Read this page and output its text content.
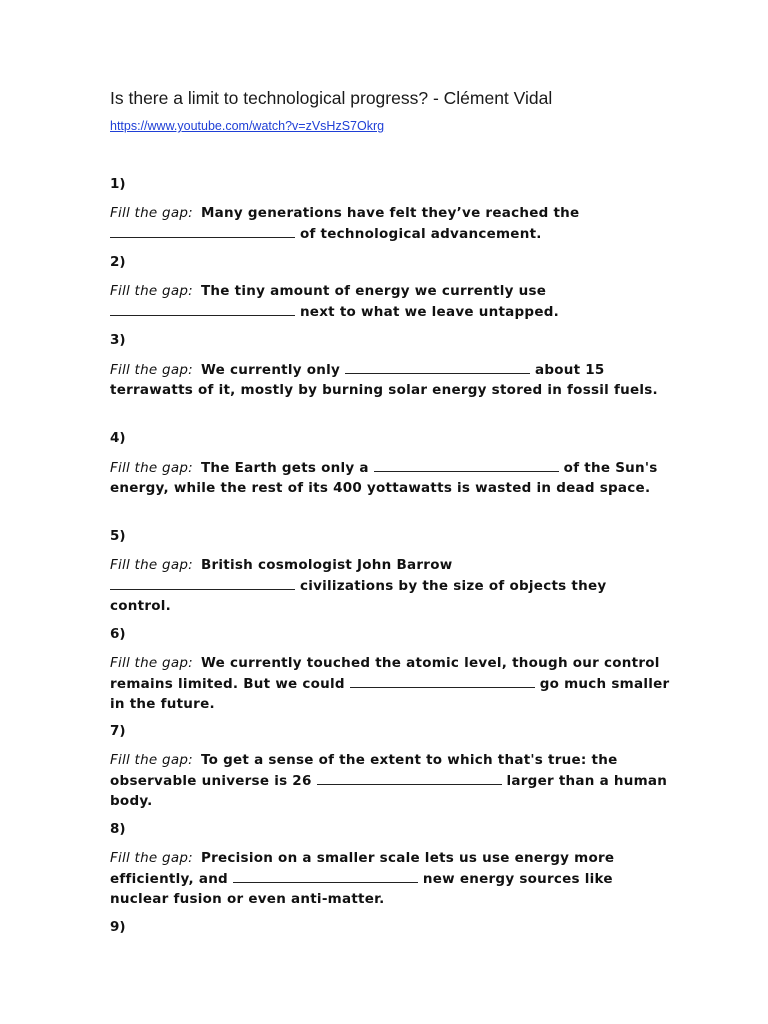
Is there a limit to technological progress? - Clément Vidal
https://www.youtube.com/watch?v=zVsHzS7Okrg
1)
Fill the gap: Many generations have felt they’ve reached the
of technological advancement.
2)
Fill the gap: The tiny amount of energy we currently use
next to what we leave untapped.
3)
Fill the gap: We currently only	about 15 terrawatts of it, mostly by burning solar energy stored in fossil fuels.
4)
Fill the gap: The Earth gets only a	of the Sun's energy, while the rest of its 400 yottawatts is wasted in dead space.
5)
Fill the gap: British cosmologist John Barrow
civilizations by the size of objects they control.
6)
Fill the gap: We currently touched the atomic level, though our control remains limited. But we could	go much smaller in the future.
7)
Fill the gap: To get a sense of the extent to which that's true: the observable universe is 26	larger than a human body.
8)
Fill the gap: Precision on a smaller scale lets us use energy more efficiently, and	new energy sources like nuclear fusion or even anti-matter.
9)
